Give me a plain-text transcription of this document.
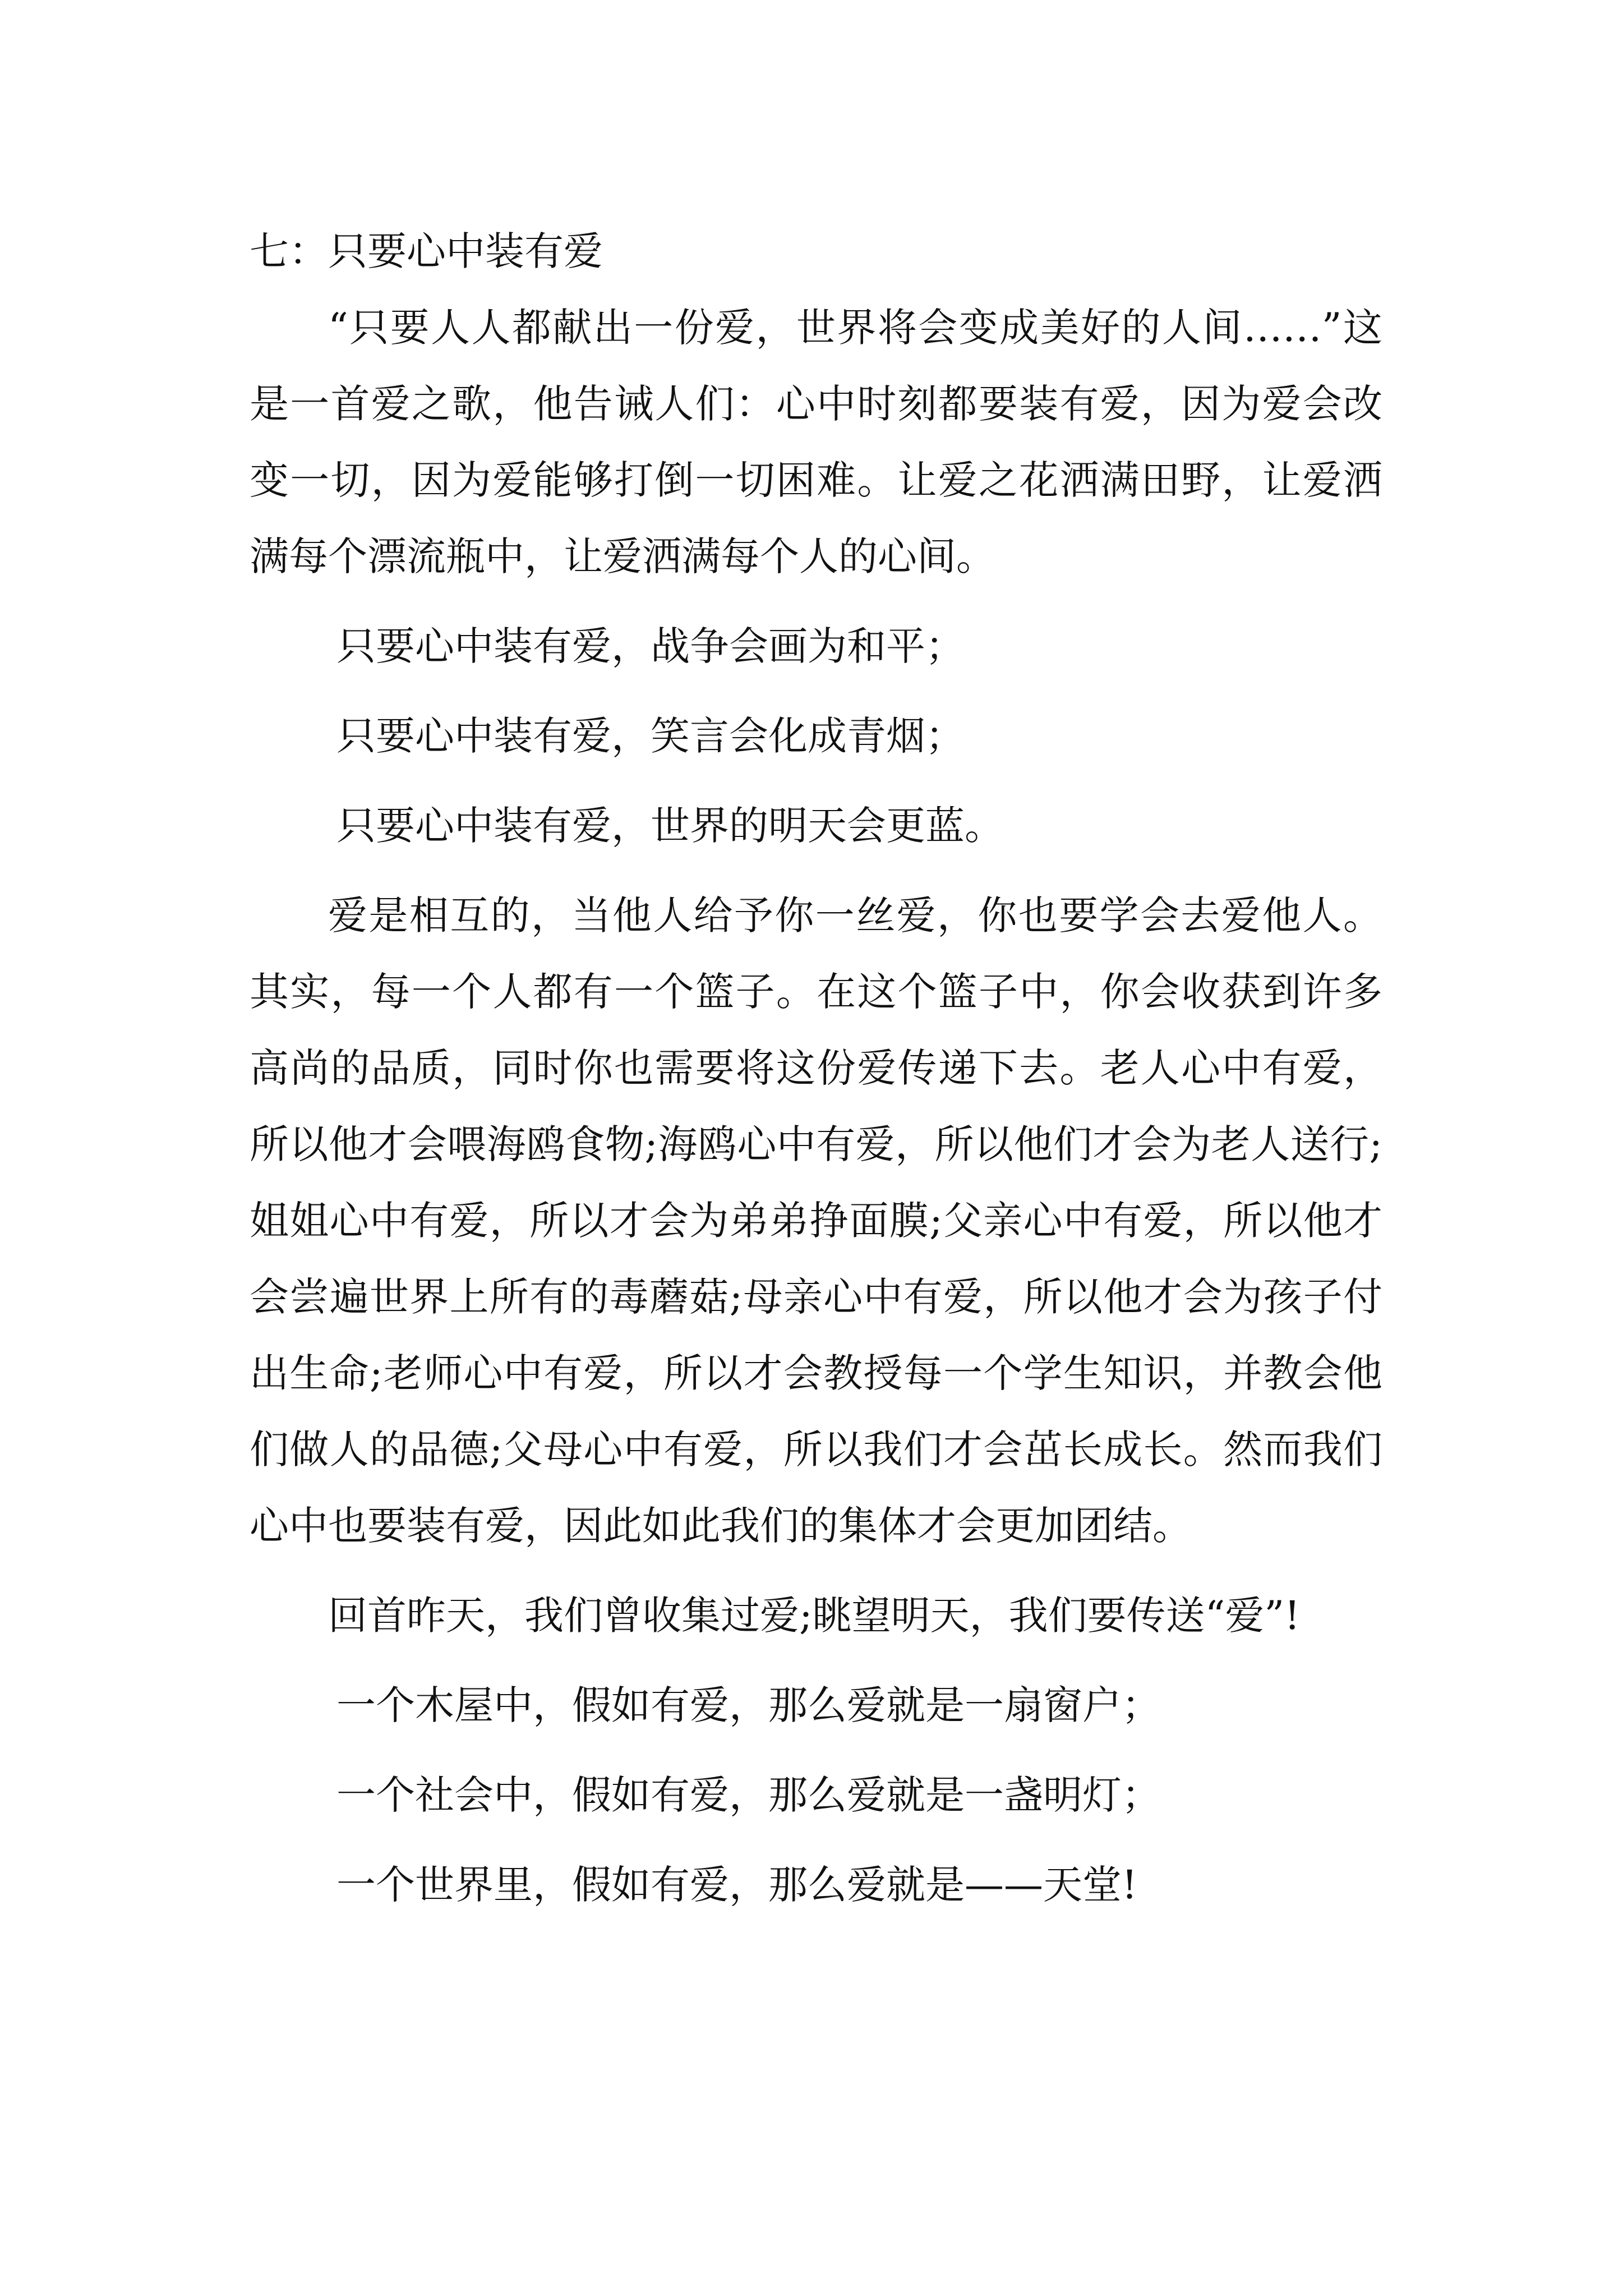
七：只要心中装有爱

“只要人人都献出一份爱，世界将会变成美好的人间……”这是一首爱之歌，他告诫人们：心中时刻都要装有爱，因为爱会改变一切，因为爱能够打倒一切困难。让爱之花洒满田野，让爱洒满每个漂流瓶中，让爱洒满每个人的心间。

只要心中装有爱，战争会画为和平；

只要心中装有爱，笑言会化成青烟；

只要心中装有爱，世界的明天会更蓝。

爱是相互的，当他人给予你一丝爱，你也要学会去爱他人。其实，每一个人都有一个篮子。在这个篮子中，你会收获到许多高尚的品质，同时你也需要将这份爱传递下去。老人心中有爱，所以他才会喂海鸥食物;海鸥心中有爱，所以他们才会为老人送行;姐姐心中有爱，所以才会为弟弟挣面膜;父亲心中有爱，所以他才会尝遍世界上所有的毒蘑菇;母亲心中有爱，所以他才会为孩子付出生命;老师心中有爱，所以才会教授每一个学生知识，并教会他们做人的品德;父母心中有爱，所以我们才会茁长成长。然而我们心中也要装有爱，因此如此我们的集体才会更加团结。

回首昨天，我们曾收集过爱;眺望明天，我们要传送“爱”!

一个木屋中，假如有爱，那么爱就是一扇窗户；

一个社会中，假如有爱，那么爱就是一盏明灯；

一个世界里，假如有爱，那么爱就是——天堂!
